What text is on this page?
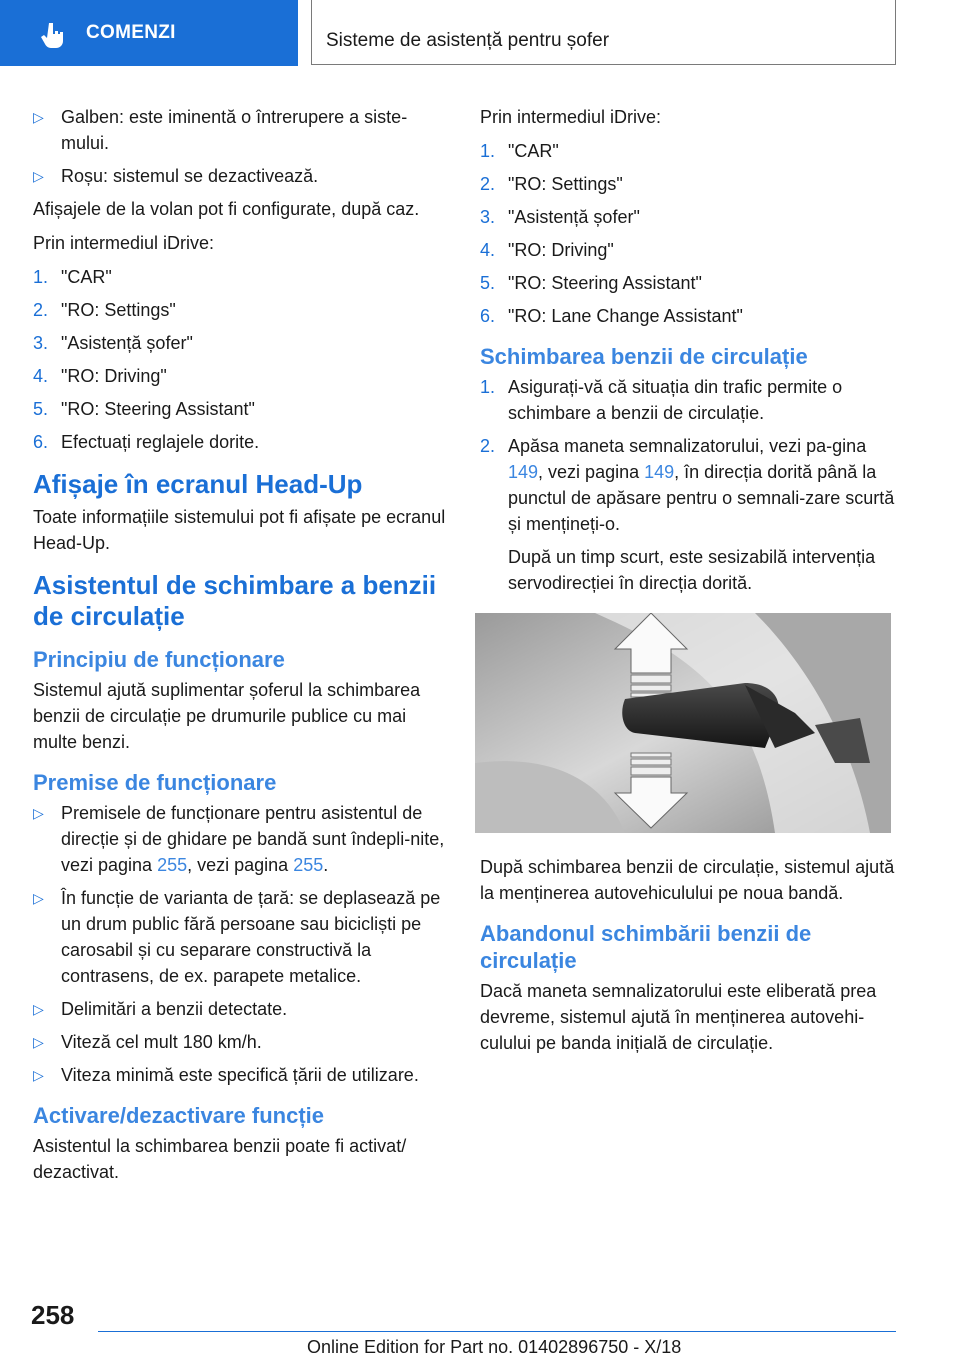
COMENZI	Sisteme de asistență pentru șofer
▷ Galben: este iminentă o întrerupere a siste‐mului.
▷ Roșu: sistemul se dezactivează.

Afișajele de la volan pot fi configurate, după caz.

Prin intermediul iDrive:

1. "CAR"
2. "RO: Settings"
3. "Asistență șofer"
4. "RO: Driving"
5. "RO: Steering Assistant"
6. Efectuați reglajele dorite.
Afișaje în ecranul Head-Up

Toate informațiile sistemului pot fi afișate pe ecranul Head-Up.

Asistentul de schimbare a benzii de circulație
Principiu de funcționare

Sistemul ajută suplimentar șoferul la schimbarea benzii de circulație pe drumurile publice cu mai multe benzi.

Premise de funcționare
▷ Premisele de funcționare pentru asistentul de direcție și de ghidare pe bandă sunt îndepli‐nite, vezi pagina 255, vezi pagina 255.
▷ În funcție de varianta de țară: se deplasează pe un drum public fără persoane sau bicicliști pe carosabil și cu separare constructivă la contrasens, de ex. parapete metalice.
▷ Delimitări a benzii detectate.
▷ Viteză cel mult 180 km/h.
▷ Viteza minimă este specifică țării de utilizare.
Activare/dezactivare funcție

Asistentul la schimbarea benzii poate fi activat/ dezactivat.

Prin intermediul iDrive:

1. "CAR"
2. "RO: Settings"
3. "Asistență șofer"
4. "RO: Driving"
5. "RO: Steering Assistant"
6. "RO: Lane Change Assistant"
Schimbarea benzii de circulație
1. Asigurați-vă că situația din trafic permite o schimbare a benzii de circulație.
2. Apăsa maneta semnalizatorului, vezi pa‐gina 149, vezi pagina 149, în direcția dorită până la punctul de apăsare pentru o semnali‐zare scurtă și mențineți-o.

După un timp scurt, este sesizabilă intervenția servodirecției în direcția dorită.

După schimbarea benzii de circulație, sistemul ajută la menținerea autovehiculului pe noua bandă.

Abandonul schimbării benzii de circulație

Dacă maneta semnalizatorului este eliberată prea devreme, sistemul ajută în menținerea autovehi‐culului pe banda inițială de circulație.

258
Online Edition for Part no. 01402896750 - X/18
